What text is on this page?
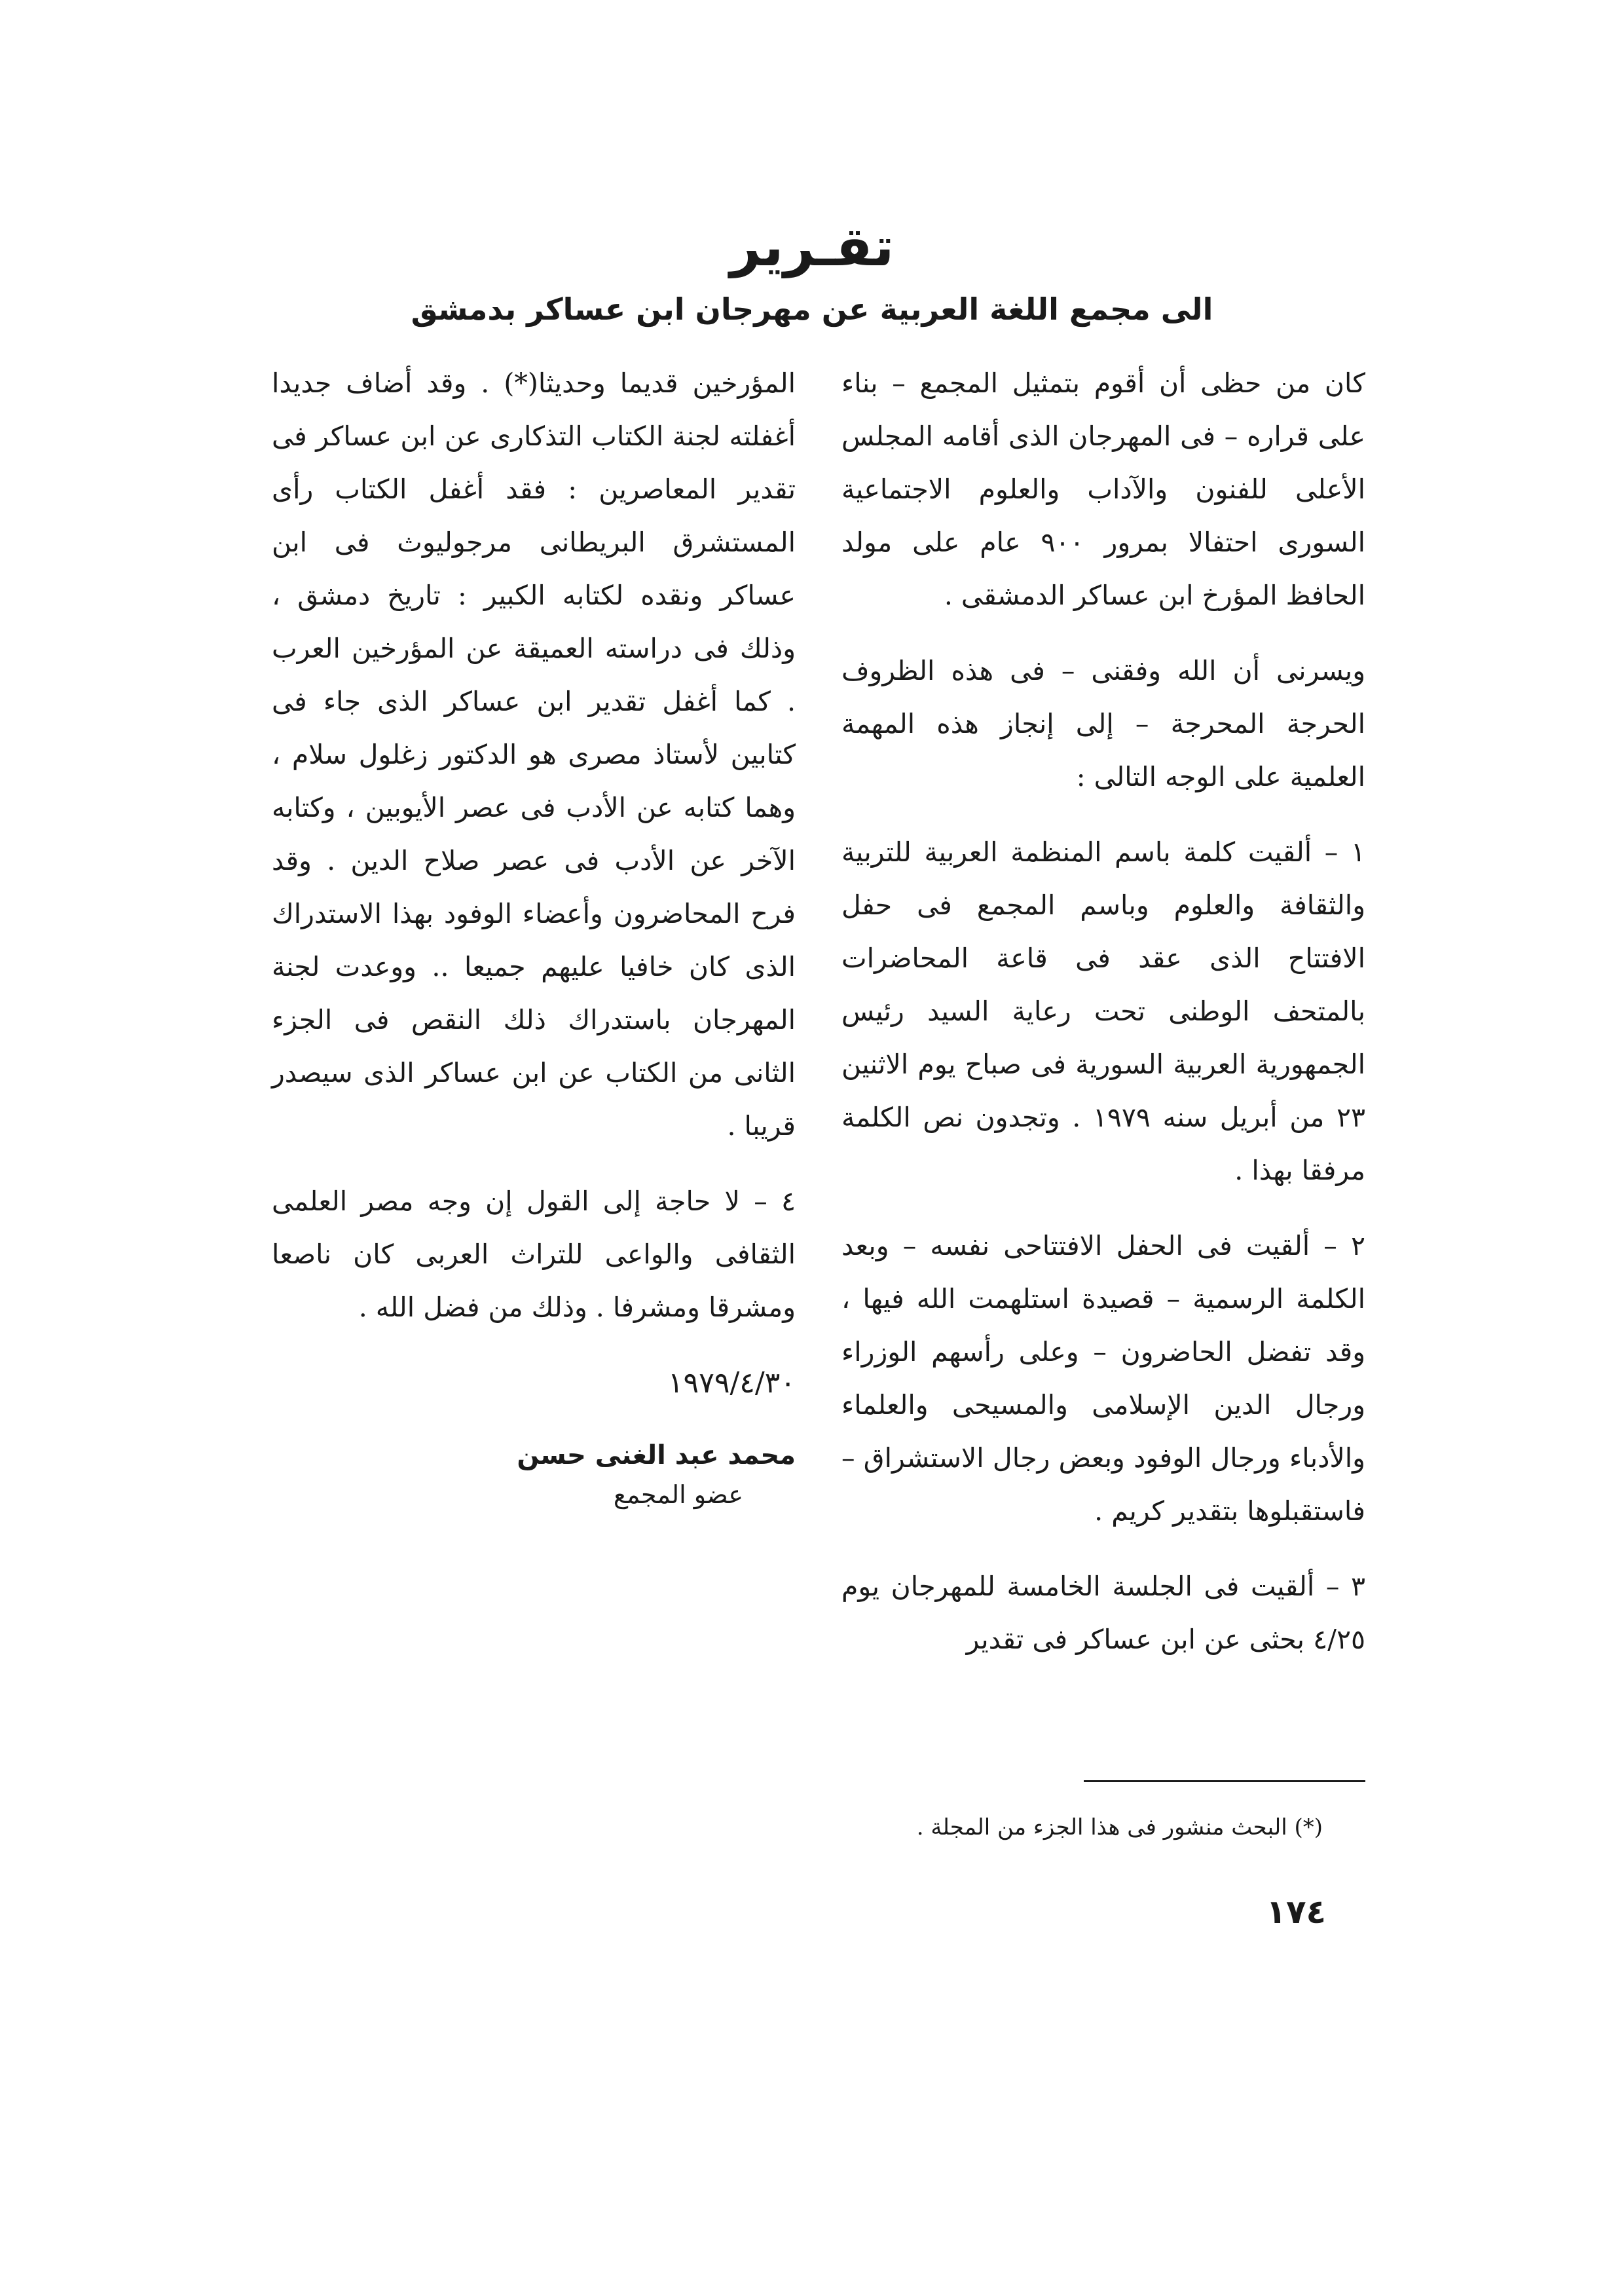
تقـرير
الى مجمع اللغة العربية عن مهرجان ابن عساكر بدمشق

كان من حظى أن أقوم بتمثيل المجمع – بناء على قراره – فى المهرجان الذى أقامه المجلس الأعلى للفنون والآداب والعلوم الاجتماعية السورى احتفالا بمرور ٩٠٠ عام على مولد الحافظ المؤرخ ابن عساكر الدمشقى .

ويسرنى أن الله وفقنى – فى هذه الظروف الحرجة المحرجة – إلى إنجاز هذه المهمة العلمية على الوجه التالى :

١ – ألقيت كلمة باسم المنظمة العربية للتربية والثقافة والعلوم وباسم المجمع فى حفل الافتتاح الذى عقد فى قاعة المحاضرات بالمتحف الوطنى تحت رعاية السيد رئيس الجمهورية العربية السورية فى صباح يوم الاثنين ٢٣ من أبريل سنه ١٩٧٩ . وتجدون نص الكلمة مرفقا بهذا .

٢ – ألقيت فى الحفل الافتتاحى نفسه – وبعد الكلمة الرسمية – قصيدة استلهمت الله فيها ، وقد تفضل الحاضرون – وعلى رأسهم الوزراء ورجال الدين الإسلامى والمسيحى والعلماء والأدباء ورجال الوفود وبعض رجال الاستشراق – فاستقبلوها بتقدير كريم .

٣ – ألقيت فى الجلسة الخامسة للمهرجان يوم ٤/٢٥ بحثى عن ابن عساكر فى تقدير

المؤرخين قديما وحديثا(*) . وقد أضاف جديدا أغفلته لجنة الكتاب التذكارى عن ابن عساكر فى تقدير المعاصرين : فقد أغفل الكتاب رأى المستشرق البريطانى مرجوليوث فى ابن عساكر ونقده لكتابه الكبير : تاريخ دمشق ، وذلك فى دراسته العميقة عن المؤرخين العرب . كما أغفل تقدير ابن عساكر الذى جاء فى كتابين لأستاذ مصرى هو الدكتور زغلول سلام ، وهما كتابه عن الأدب فى عصر الأيوبين ، وكتابه الآخر عن الأدب فى عصر صلاح الدين . وقد فرح المحاضرون وأعضاء الوفود بهذا الاستدراك الذى كان خافيا عليهم جميعا .. ووعدت لجنة المهرجان باستدراك ذلك النقص فى الجزء الثانى من الكتاب عن ابن عساكر الذى سيصدر قريبا .

٤ – لا حاجة إلى القول إن وجه مصر العلمى الثقافى والواعى للتراث العربى كان ناصعا ومشرقا ومشرفا . وذلك من فضل الله .

١٩٧٩/٤/٣٠

محمد عبد الغنى حسن

عضو المجمع

(*) البحث منشور فى هذا الجزء من المجلة .

١٧٤
